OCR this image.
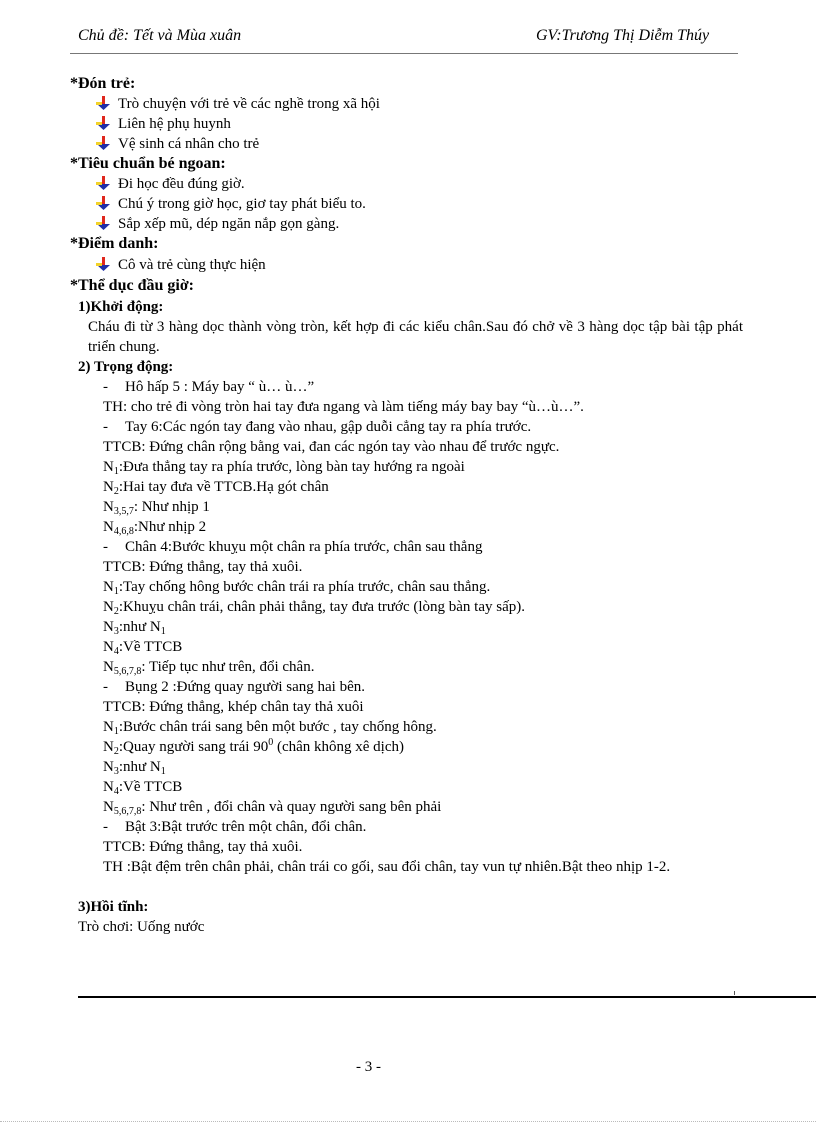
Chủ đề: Tết và Mùa xuân	GV:Trương Thị Diễm Thúy
*Đón trẻ:
Trò chuyện với trẻ về các nghề trong xã hội
Liên hệ phụ huynh
Vệ sinh cá nhân cho trẻ
*Tiêu chuẩn bé ngoan:
Đi học đều đúng giờ.
Chú ý trong giờ học, giơ tay phát biểu to.
Sắp xếp mũ, dép ngăn nắp gọn gàng.
*Điểm danh:
Cô và trẻ cùng thực hiện
*Thể dục đầu giờ:
1)Khởi động:
Cháu đi từ 3 hàng dọc thành vòng tròn, kết hợp đi các kiểu chân.Sau đó chở về 3 hàng dọc tập bài tập phát triển chung.
2) Trọng động:
- Hô hấp 5 : Máy bay “ ù… ù…”
TH: cho trẻ đi vòng tròn hai tay đưa ngang và làm tiếng máy bay bay “ù…ù…”.
- Tay 6:Các ngón tay đang vào nhau, gập duỗi cẳng tay ra phía trước.
TTCB: Đứng chân rộng bằng vai, đan các ngón tay vào nhau để trước ngực.
$N_1:Đưa$ thẳng tay ra phía trước, lòng bàn tay hướng ra ngoài
$N_2:Hai$ tay đưa về TTCB.Hạ gót chân
$N_{3,5,7}$: Như nhịp 1
$N_{4,6,8}:Như$ nhịp 2
- Chân 4:Bước khuỵu một chân ra phía trước, chân sau thẳng
TTCB: Đứng thẳng, tay thả xuôi.
$N_1:Tay$ chống hông bước chân trái ra phía trước, chân sau thẳng.
$N_2:Khuỵu$ chân trái, chân phải thẳng, tay đưa trước (lòng bàn tay sấp).
$N_3:như$ $N_1$
$N_4:Về$ TTCB
$N_{5,6,7,8}$: Tiếp tục như trên, đổi chân.
- Bụng 2 :Đứng quay người sang hai bên.
TTCB: Đứng thẳng, khép chân tay thả xuôi
$N_1:Bước$ chân trái sang bên một bước , tay chống hông.
$N_2:Quay$ người sang trái $90^0$ (chân không xê dịch)
$N_3:như$ $N_1$
$N_4:Về$ TTCB
$N_{5,6,7,8}$: Như trên , đổi chân và quay người sang bên phải
- Bật 3:Bật trước trên một chân, đổi chân.
TTCB: Đứng thẳng, tay thả xuôi.
TH :Bật đệm trên chân phải, chân trái co gối, sau đổi chân, tay vun tự nhiên.Bật theo nhịp 1-2.
3)Hồi tĩnh:
Trò chơi: Uống nước
- 3 -
